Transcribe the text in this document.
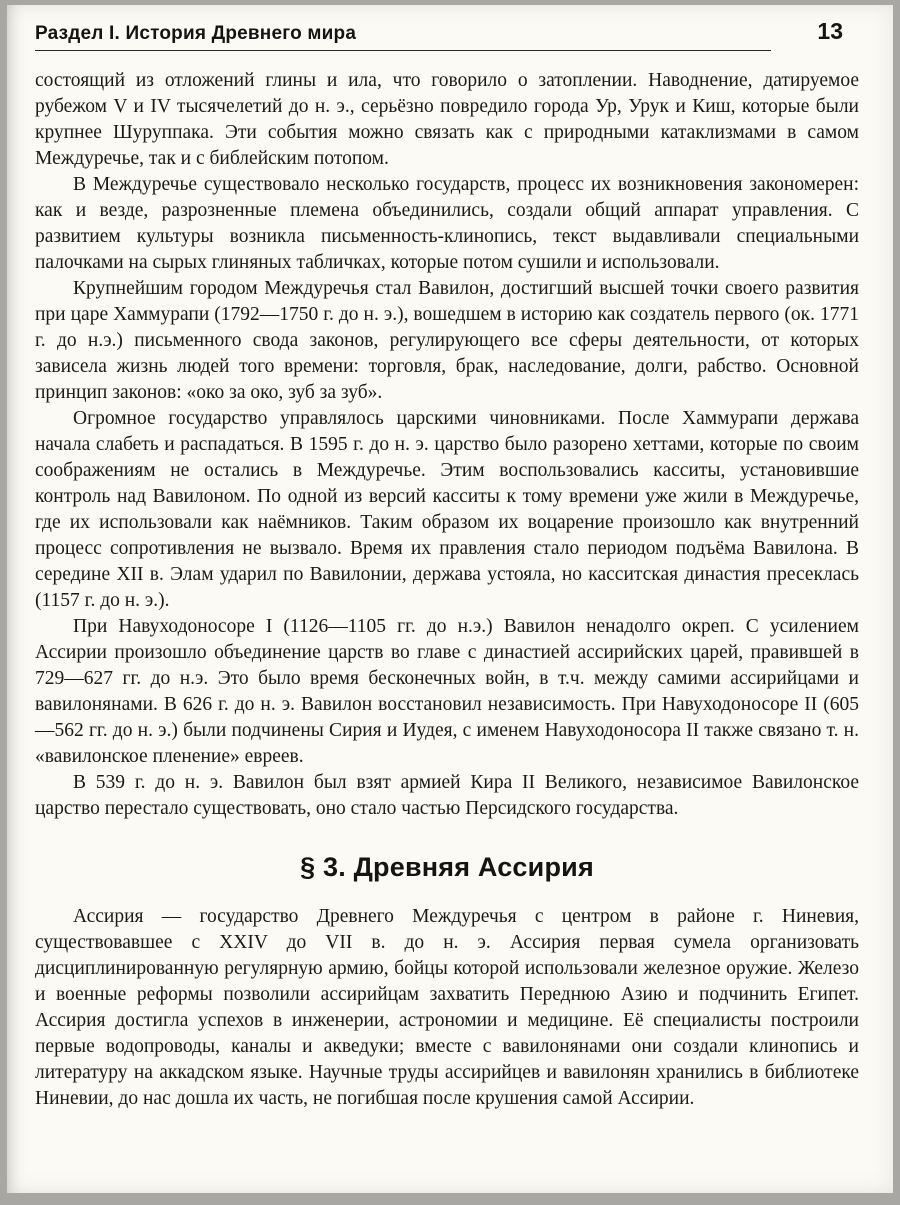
Раздел I. История Древнего мира	13

состоящий из отложений глины и ила, что говорило о затоплении. Наводнение, датируемое рубежом V и IV тысячелетий до н. э., серьёзно повредило города Ур, Урук и Киш, которые были крупнее Шуруппака. Эти события можно связать как с природными катаклизмами в самом Междуречье, так и с библейским потопом.

В Междуречье существовало несколько государств, процесс их возникновения закономерен: как и везде, разрозненные племена объединились, создали общий аппарат управления. С развитием культуры возникла письменность-клинопись, текст выдавливали специальными палочками на сырых глиняных табличках, которые потом сушили и использовали.

Крупнейшим городом Междуречья стал Вавилон, достигший высшей точки своего развития при царе Хаммурапи (1792—1750 г. до н. э.), вошедшем в историю как создатель первого (ок. 1771 г. до н.э.) письменного свода законов, регулирующего все сферы деятельности, от которых зависела жизнь людей того времени: торговля, брак, наследование, долги, рабство. Основной принцип законов: «око за око, зуб за зуб».

Огромное государство управлялось царскими чиновниками. После Хаммурапи держава начала слабеть и распадаться. В 1595 г. до н. э. царство было разорено хеттами, которые по своим соображениям не остались в Междуречье. Этим воспользовались касситы, установившие контроль над Вавилоном. По одной из версий касситы к тому времени уже жили в Междуречье, где их использовали как наёмников. Таким образом их воцарение произошло как внутренний процесс сопротивления не вызвало. Время их правления стало периодом подъёма Вавилона. В середине XII в. Элам ударил по Вавилонии, держава устояла, но касситская династия пресеклась (1157 г. до н. э.).

При Навуходоносоре I (1126—1105 гг. до н.э.) Вавилон ненадолго окреп. С усилением Ассирии произошло объединение царств во главе с династией ассирийских царей, правившей в 729—627 гг. до н.э. Это было время бесконечных войн, в т.ч. между самими ассирийцами и вавилонянами. В 626 г. до н. э. Вавилон восстановил независимость. При Навуходоносоре II (605—562 гг. до н. э.) были подчинены Сирия и Иудея, с именем Навуходоносора II также связано т. н. «вавилонское пленение» евреев.

В 539 г. до н. э. Вавилон был взят армией Кира II Великого, независимое Вавилонское царство перестало существовать, оно стало частью Персидского государства.

§ 3. Древняя Ассирия

Ассирия — государство Древнего Междуречья с центром в районе г. Ниневия, существовавшее с XXIV до VII в. до н. э. Ассирия первая сумела организовать дисциплинированную регулярную армию, бойцы которой использовали железное оружие. Железо и военные реформы позволили ассирийцам захватить Переднюю Азию и подчинить Египет. Ассирия достигла успехов в инженерии, астрономии и медицине. Её специалисты построили первые водопроводы, каналы и акведуки; вместе с вавилонянами они создали клинопись и литературу на аккадском языке. Научные труды ассирийцев и вавилонян хранились в библиотеке Ниневии, до нас дошла их часть, не погибшая после крушения самой Ассирии.
